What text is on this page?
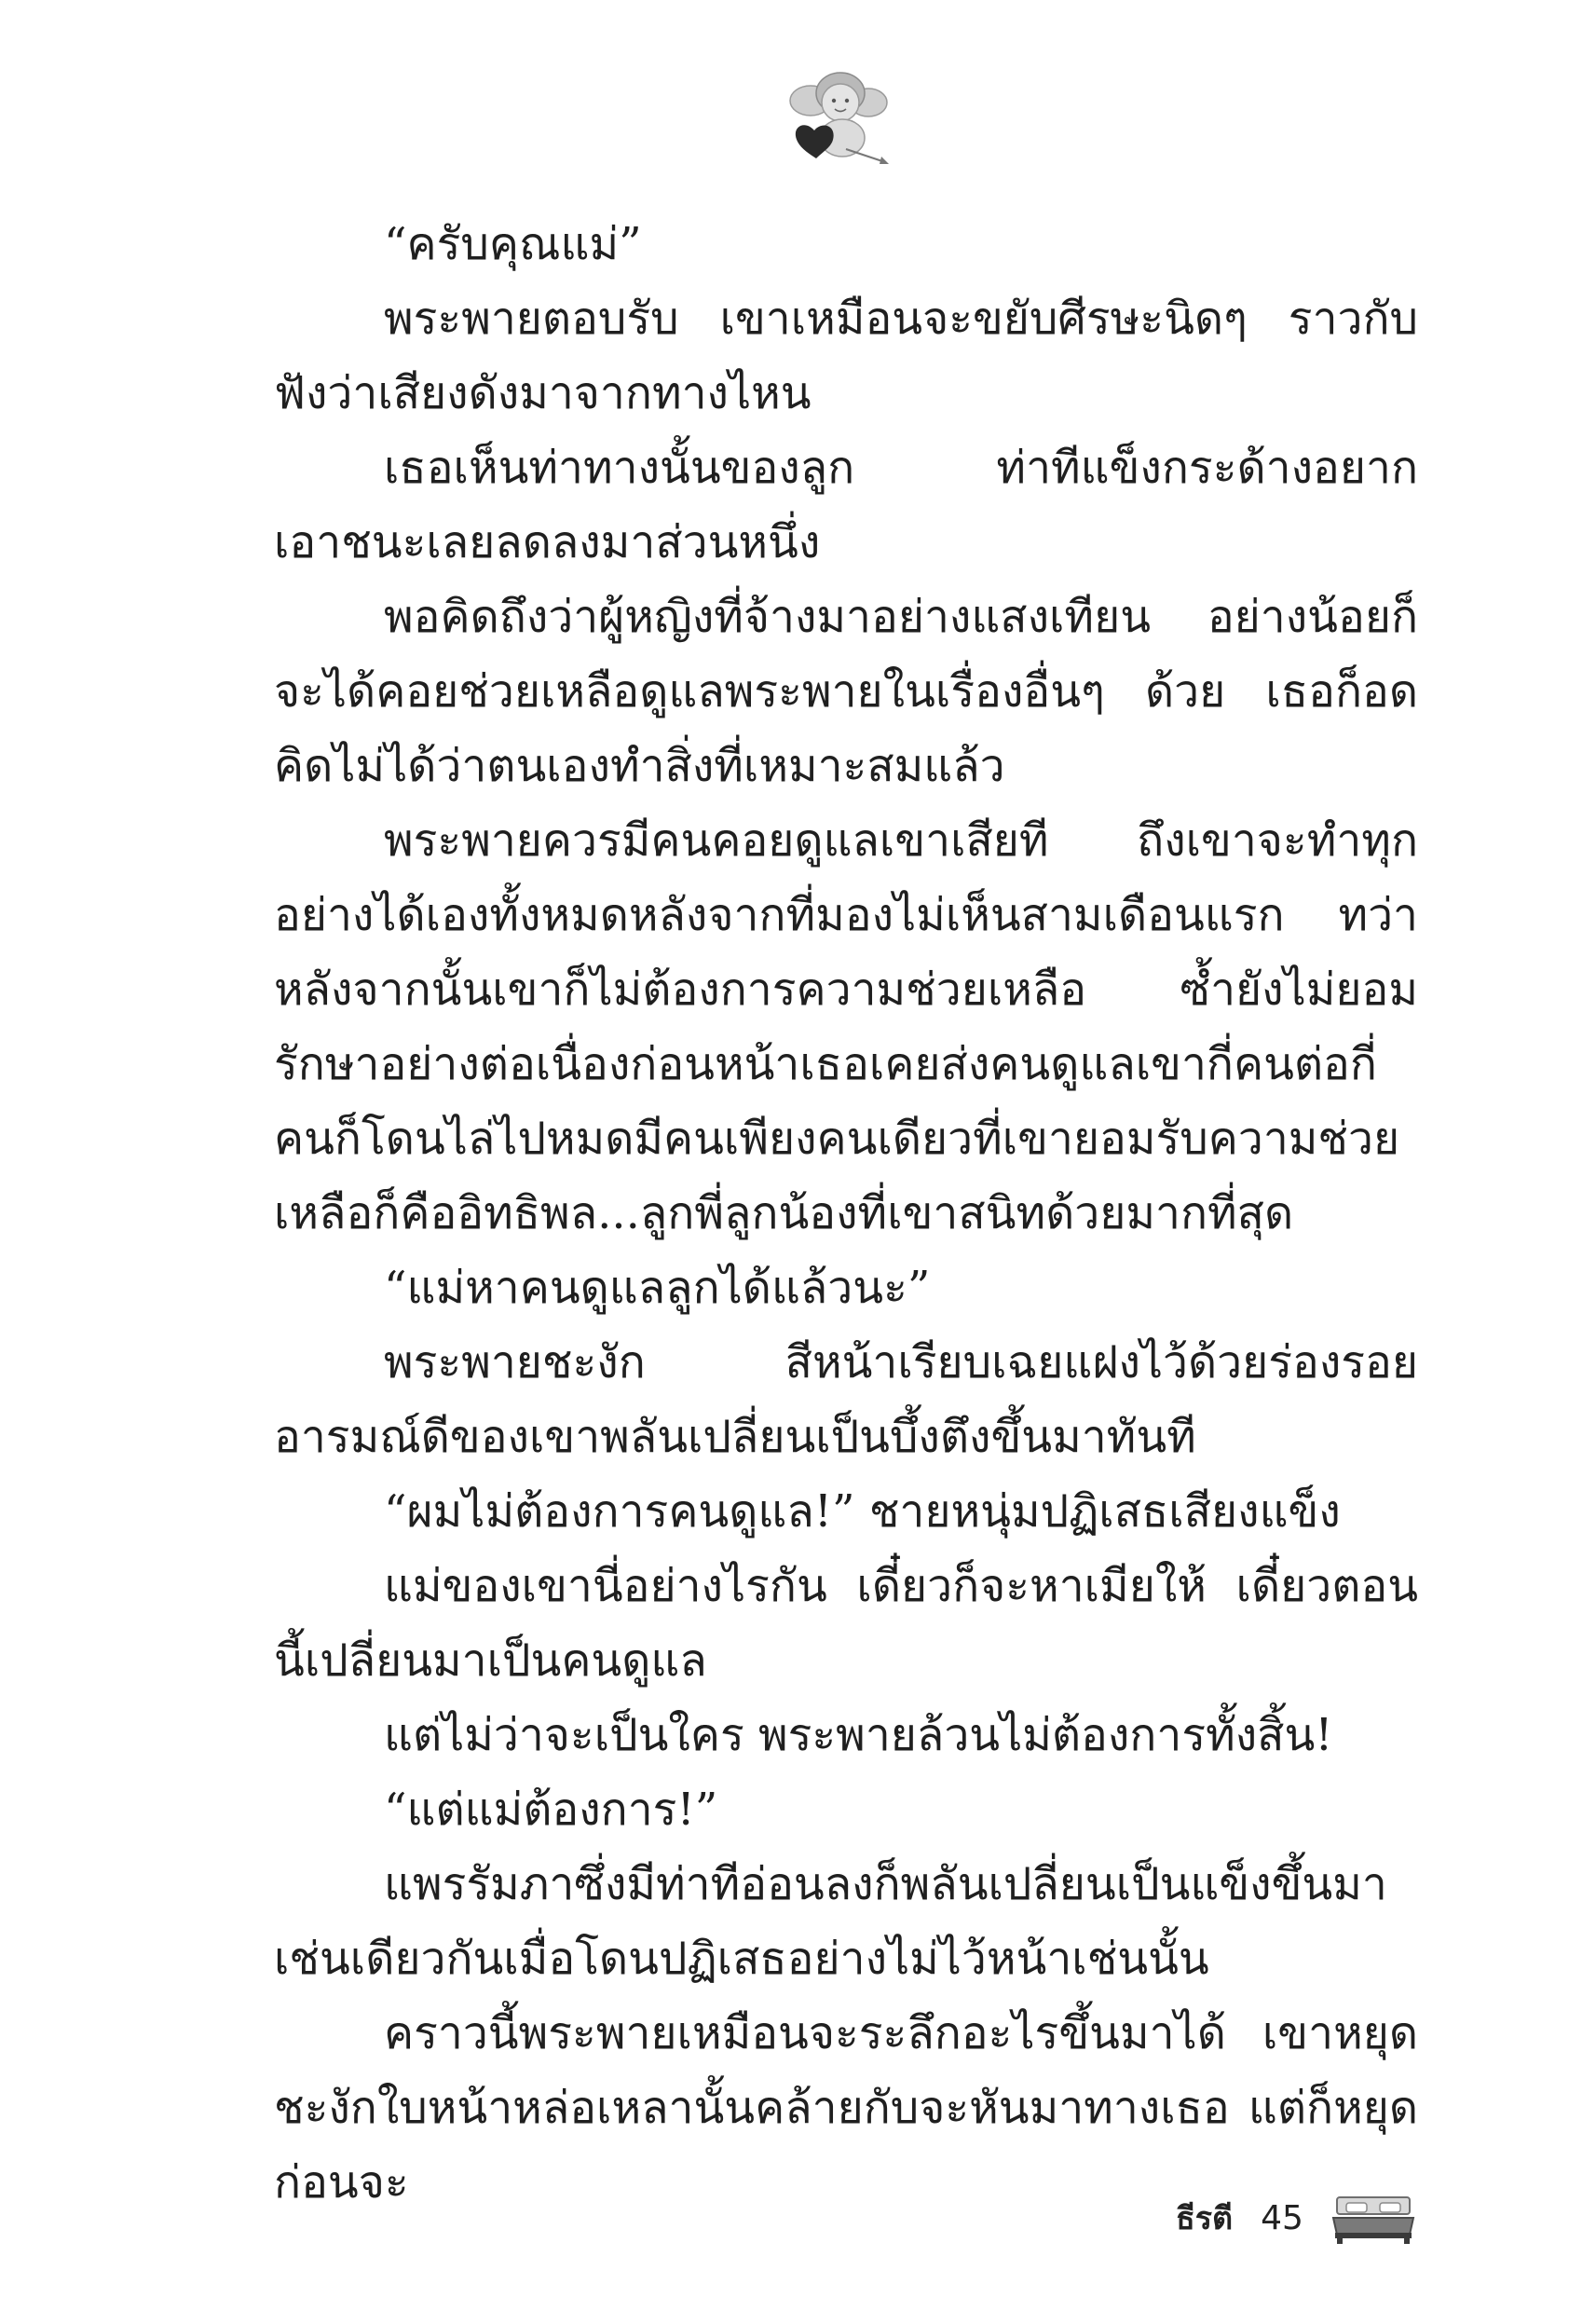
“ครับคุณแม่”

พระพายตอบรับ เขาเหมือนจะขยับศีรษะนิดๆ ราวกับฟังว่าเสียงดังมาจากทางไหน

เธอเห็นท่าทางนั้นของลูก ท่าทีแข็งกระด้างอยากเอาชนะเลยลดลงมาส่วนหนึ่ง

พอคิดถึงว่าผู้หญิงที่จ้างมาอย่างแสงเทียน อย่างน้อยก็จะได้คอยช่วยเหลือดูแลพระพายในเรื่องอื่นๆ ด้วย เธอก็อดคิดไม่ได้ว่าตนเองทำสิ่งที่เหมาะสมแล้ว

พระพายควรมีคนคอยดูแลเขาเสียที ถึงเขาจะทำทุกอย่างได้เองทั้งหมดหลังจากที่มองไม่เห็นสามเดือนแรก ทว่าหลังจากนั้นเขาก็ไม่ต้องการความช่วยเหลือ ซ้ำยังไม่ยอมรักษาอย่างต่อเนื่องก่อนหน้าเธอเคยส่งคนดูแลเขากี่คนต่อกี่คนก็โดนไล่ไปหมดมีคนเพียงคนเดียวที่เขายอมรับความช่วยเหลือก็คืออิทธิพล...ลูกพี่ลูกน้องที่เขาสนิทด้วยมากที่สุด

“แม่หาคนดูแลลูกได้แล้วนะ”

พระพายชะงัก สีหน้าเรียบเฉยแฝงไว้ด้วยร่องรอยอารมณ์ดีของเขาพลันเปลี่ยนเป็นบึ้งตึงขึ้นมาทันที

“ผมไม่ต้องการคนดูแล!” ชายหนุ่มปฏิเสธเสียงแข็ง

แม่ของเขานี่อย่างไรกัน เดี๋ยวก็จะหาเมียให้ เดี๋ยวตอนนี้เปลี่ยนมาเป็นคนดูแล

แต่ไม่ว่าจะเป็นใคร พระพายล้วนไม่ต้องการทั้งสิ้น!

“แต่แม่ต้องการ!”

แพรรัมภาซึ่งมีท่าทีอ่อนลงก็พลันเปลี่ยนเป็นแข็งขึ้นมาเช่นเดียวกันเมื่อโดนปฏิเสธอย่างไม่ไว้หน้าเช่นนั้น

คราวนี้พระพายเหมือนจะระลึกอะไรขึ้นมาได้ เขาหยุดชะงักใบหน้าหล่อเหลานั้นคล้ายกับจะหันมาทางเธอ แต่ก็หยุดก่อนจะ

ธีรตี 45
